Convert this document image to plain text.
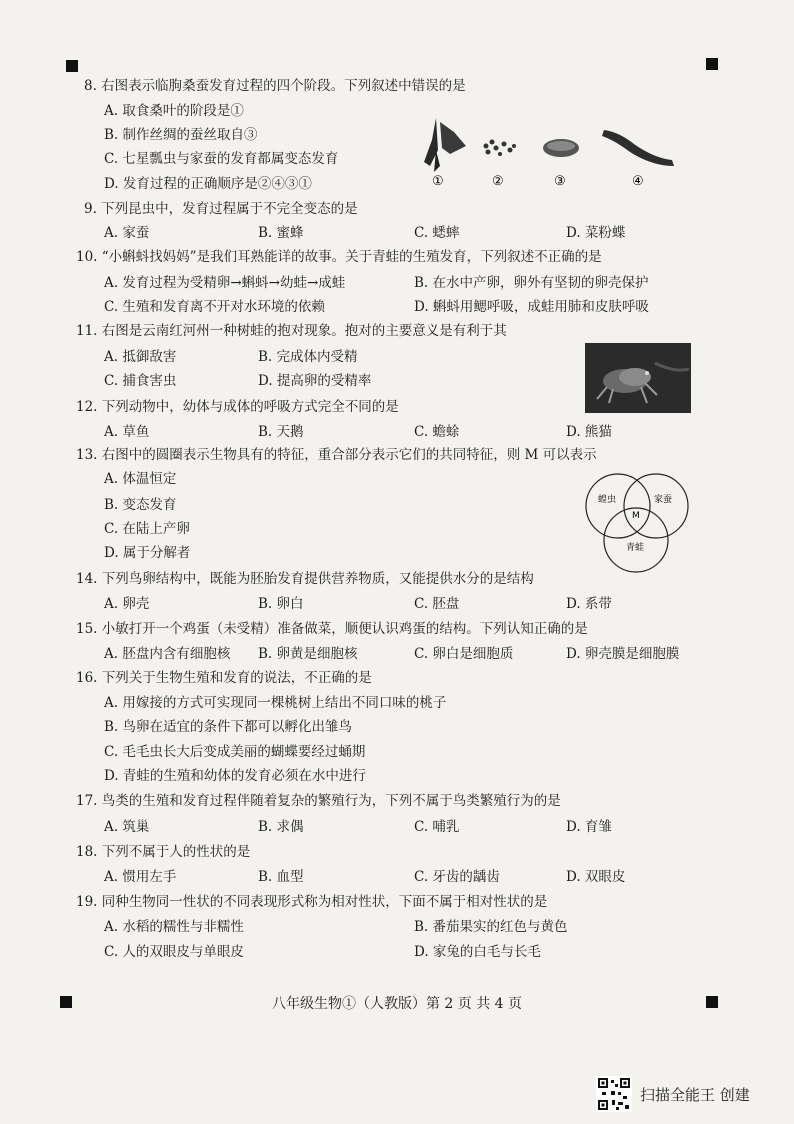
8. 右图表示临朐桑蚕发育过程的四个阶段。下列叙述中错误的是
A. 取食桑叶的阶段是①
B. 制作丝绸的蚕丝取自③
C. 七星瓢虫与家蚕的发育都属变态发育
D. 发育过程的正确顺序是②④③①	①	②	③	④
9. 下列昆虫中，发育过程属于不完全变态的是
A. 家蚕	B. 蜜蜂	C. 蟋蟀	D. 菜粉蝶
10. “小蝌蚪找妈妈”是我们耳熟能详的故事。关于青蛙的生殖发育，下列叙述不正确的是
A. 发育过程为受精卵→蝌蚪→幼蛙→成蛙	B. 在水中产卵，卵外有坚韧的卵壳保护
C. 生殖和发育离不开对水环境的依赖	D. 蝌蚪用鳃呼吸，成蛙用肺和皮肤呼吸
11. 右图是云南红河州一种树蛙的抱对现象。抱对的主要意义是有利于其
A. 抵御敌害	B. 完成体内受精
C. 捕食害虫	D. 提高卵的受精率
12. 下列动物中，幼体与成体的呼吸方式完全不同的是
A. 草鱼	B. 天鹅	C. 蟾蜍	D. 熊猫
13. 右图中的圆圈表示生物具有的特征，重合部分表示它们的共同特征，则 M 可以表示
A. 体温恒定
B. 变态发育
C. 在陆上产卵
D. 属于分解者
蝗虫	家蚕
青蛙
M
14. 下列鸟卵结构中，既能为胚胎发育提供营养物质，又能提供水分的是结构
A. 卵壳	B. 卵白	C. 胚盘	D. 系带
15. 小敏打开一个鸡蛋（未受精）准备做菜，顺便认识鸡蛋的结构。下列认知正确的是
A. 胚盘内含有细胞核 B. 卵黄是细胞核	C. 卵白是细胞质	D. 卵壳膜是细胞膜
16. 下列关于生物生殖和发育的说法，不正确的是
A. 用嫁接的方式可实现同一棵桃树上结出不同口味的桃子
B. 鸟卵在适宜的条件下都可以孵化出雏鸟
C. 毛毛虫长大后变成美丽的蝴蝶要经过蛹期
D. 青蛙的生殖和幼体的发育必须在水中进行
17. 鸟类的生殖和发育过程伴随着复杂的繁殖行为，下列不属于鸟类繁殖行为的是
A. 筑巢	B. 求偶	C. 哺乳	D. 育雏
18. 下列不属于人的性状的是
A. 惯用左手	B. 血型	C. 牙齿的龋齿	D. 双眼皮
19. 同种生物同一性状的不同表现形式称为相对性状，下面不属于相对性状的是
A. 水稻的糯性与非糯性	B. 番茄果实的红色与黄色
C. 人的双眼皮与单眼皮	D. 家兔的白毛与长毛
八年级生物①（人教版）第 2 页 共 4 页
扫描全能王 创建
